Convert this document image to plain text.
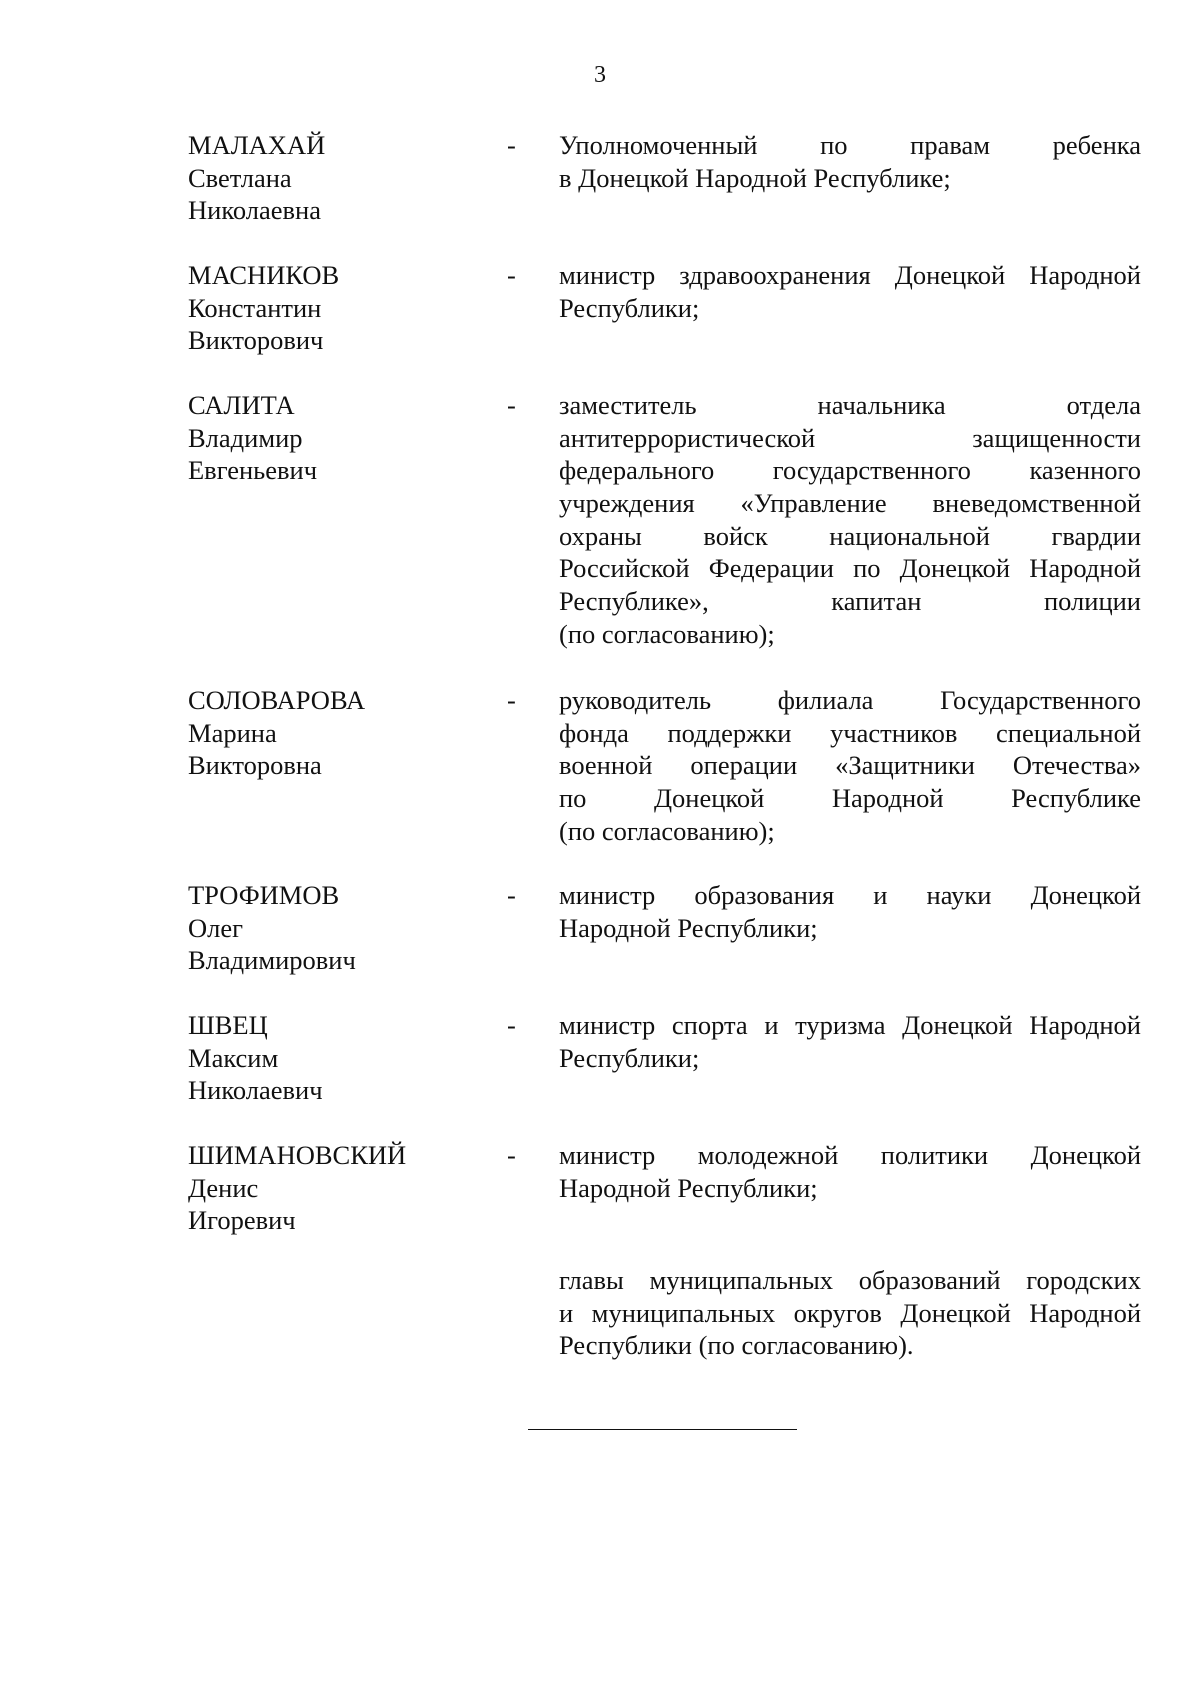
3
МАЛАХАЙ
Светлана
Николаевна
- Уполномоченный по правам ребенка
в Донецкой Народной Республике;
МАСНИКОВ
Константин
Викторович
- министр здравоохранения Донецкой Народной
Республики;
САЛИТА
Владимир
Евгеньевич
- заместитель начальника отдела
антитеррористической защищенности
федерального государственного казенного
учреждения «Управление вневедомственной
охраны войск национальной гвардии
Российской Федерации по Донецкой Народной
Республике», капитан полиции
(по согласованию);
СОЛОВАРОВА
Марина
Викторовна
- руководитель филиала Государственного
фонда поддержки участников специальной
военной операции «Защитники Отечества»
по Донецкой Народной Республике
(по согласованию);
ТРОФИМОВ
Олег
Владимирович
- министр образования и науки Донецкой
Народной Республики;
ШВЕЦ
Максим
Николаевич
- министр спорта и туризма Донецкой Народной
Республики;
ШИМАНОВСКИЙ
Денис
Игоревич
- министр молодежной политики Донецкой
Народной Республики;
главы муниципальных образований городских
и муниципальных округов Донецкой Народной
Республики (по согласованию).
